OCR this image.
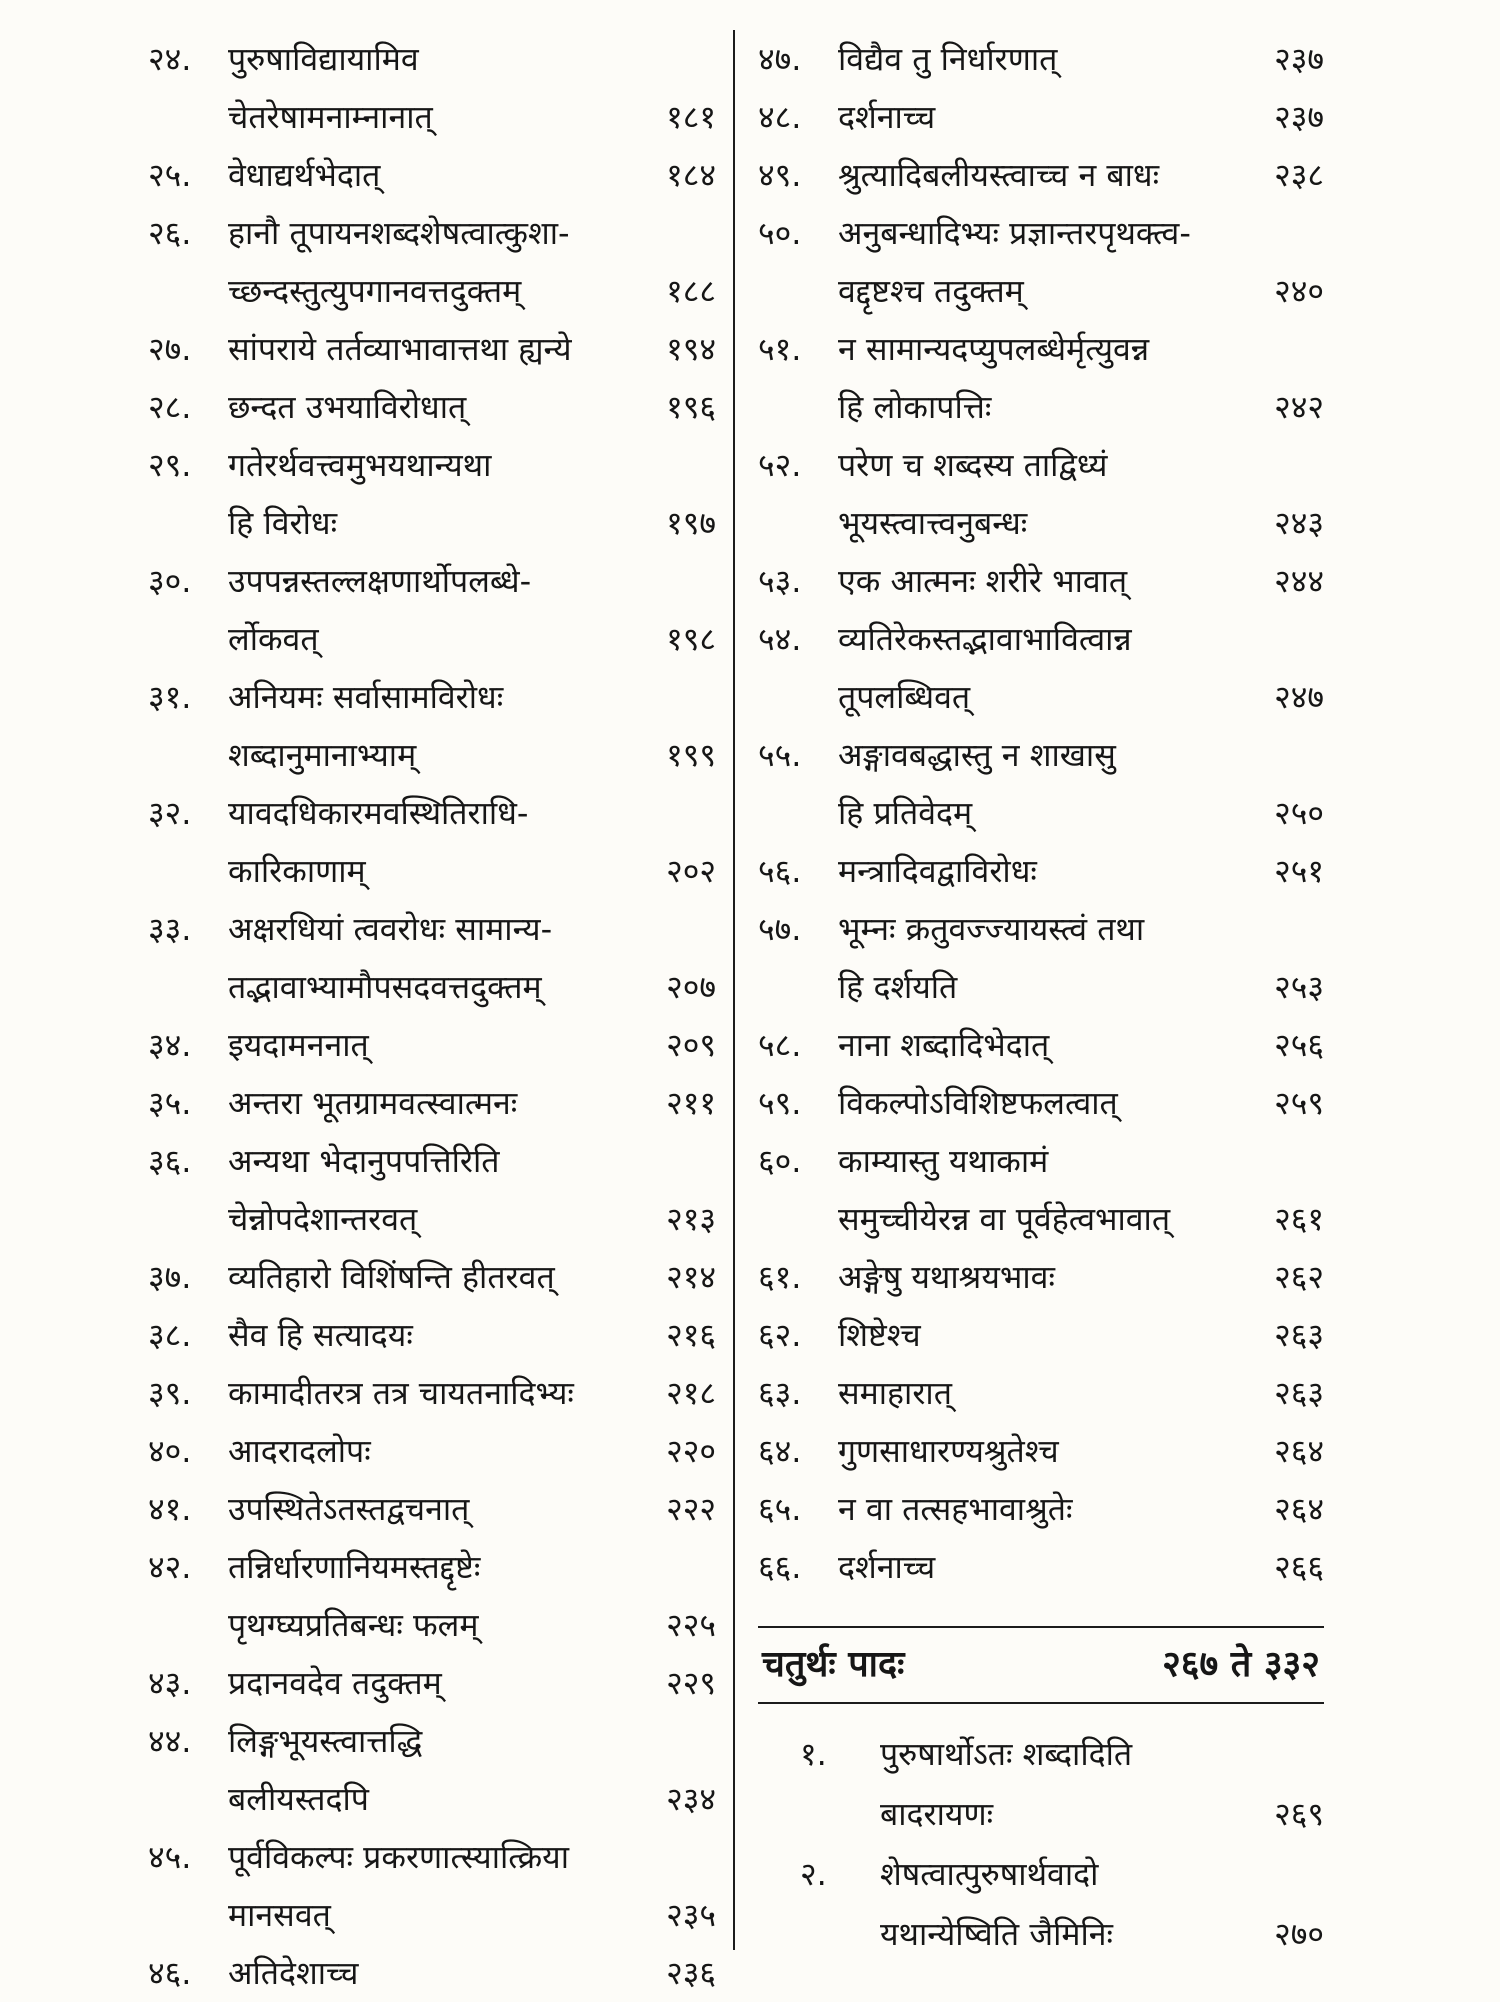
२४.	पुरुषाविद्यायामिव
चेतरेषामनाम्नानात्	१८१
२५.	वेधाद्यर्थभेदात्	१८४
२६.	हानौ तूपायनशब्दशेषत्वात्कुशा-
च्छन्दस्तुत्युपगानवत्तदुक्तम्	१८८
२७.	सांपराये तर्तव्याभावात्तथा ह्यन्ये	१९४
२८.	छन्दत उभयाविरोधात्	१९६
२९.	गतेरर्थवत्त्वमुभयथान्यथा
हि विरोधः	१९७
३०.	उपपन्नस्तल्लक्षणार्थोपलब्धे-
र्लोकवत्	१९८
३१.	अनियमः सर्वासामविरोधः
शब्दानुमानाभ्याम्	१९९
३२.	यावदधिकारमवस्थितिराधि-
कारिकाणाम्	२०२
३३.	अक्षरधियां त्ववरोधः सामान्य-
तद्भावाभ्यामौपसदवत्तदुक्तम्	२०७
३४.	इयदामननात्	२०९
३५.	अन्तरा भूतग्रामवत्स्वात्मनः	२११
३६.	अन्यथा भेदानुपपत्तिरिति
चेन्नोपदेशान्तरवत्	२१३
३७.	व्यतिहारो विशिंषन्ति हीतरवत्	२१४
३८.	सैव हि सत्यादयः	२१६
३९.	कामादीतरत्र तत्र चायतनादिभ्यः	२१८
४०.	आदरादलोपः	२२०
४१.	उपस्थितेऽतस्तद्वचनात्	२२२
४२.	तन्निर्धारणानियमस्तद्दृष्टेः
पृथग्घ्यप्रतिबन्धः फलम्	२२५
४३.	प्रदानवदेव तदुक्तम्	२२९
४४.	लिङ्गभूयस्त्वात्तद्धि
बलीयस्तदपि	२३४
४५.	पूर्वविकल्पः प्रकरणात्स्यात्क्रिया
मानसवत्	२३५
४६.	अतिदेशाच्च	२३६
४७.	विद्यैव तु निर्धारणात्	२३७
४८.	दर्शनाच्च	२३७
४९.	श्रुत्यादिबलीयस्त्वाच्च न बाधः	२३८
५०.	अनुबन्धादिभ्यः प्रज्ञान्तरपृथक्त्व-
वद्दृष्टश्च तदुक्तम्	२४०
५१.	न सामान्यदप्युपलब्धेर्मृत्युवन्न
हि लोकापत्तिः	२४२
५२.	परेण च शब्दस्य ताद्विध्यं
भूयस्त्वात्त्वनुबन्धः	२४३
५३.	एक आत्मनः शरीरे भावात्	२४४
५४.	व्यतिरेकस्तद्भावाभावित्वान्न
तूपलब्धिवत्	२४७
५५.	अङ्गावबद्धास्तु न शाखासु
हि प्रतिवेदम्	२५०
५६.	मन्त्रादिवद्वाविरोधः	२५१
५७.	भूम्नः क्रतुवज्ज्यायस्त्वं तथा
हि दर्शयति	२५३
५८.	नाना शब्दादिभेदात्	२५६
५९.	विकल्पोऽविशिष्टफलत्वात्	२५९
६०.	काम्यास्तु यथाकामं
समुच्चीयेरन्न वा पूर्वहेत्वभावात्	२६१
६१.	अङ्गेषु यथाश्रयभावः	२६२
६२.	शिष्टेश्च	२६३
६३.	समाहारात्	२६३
६४.	गुणसाधारण्यश्रुतेश्च	२६४
६५.	न वा तत्सहभावाश्रुतेः	२६४
६६.	दर्शनाच्च	२६६
चतुर्थः पादः	२६७ ते ३३२
१.	पुरुषार्थोऽतः शब्दादिति
बादरायणः	२६९
२.	शेषत्वात्पुरुषार्थवादो
यथान्येष्विति जैमिनिः	२७०
